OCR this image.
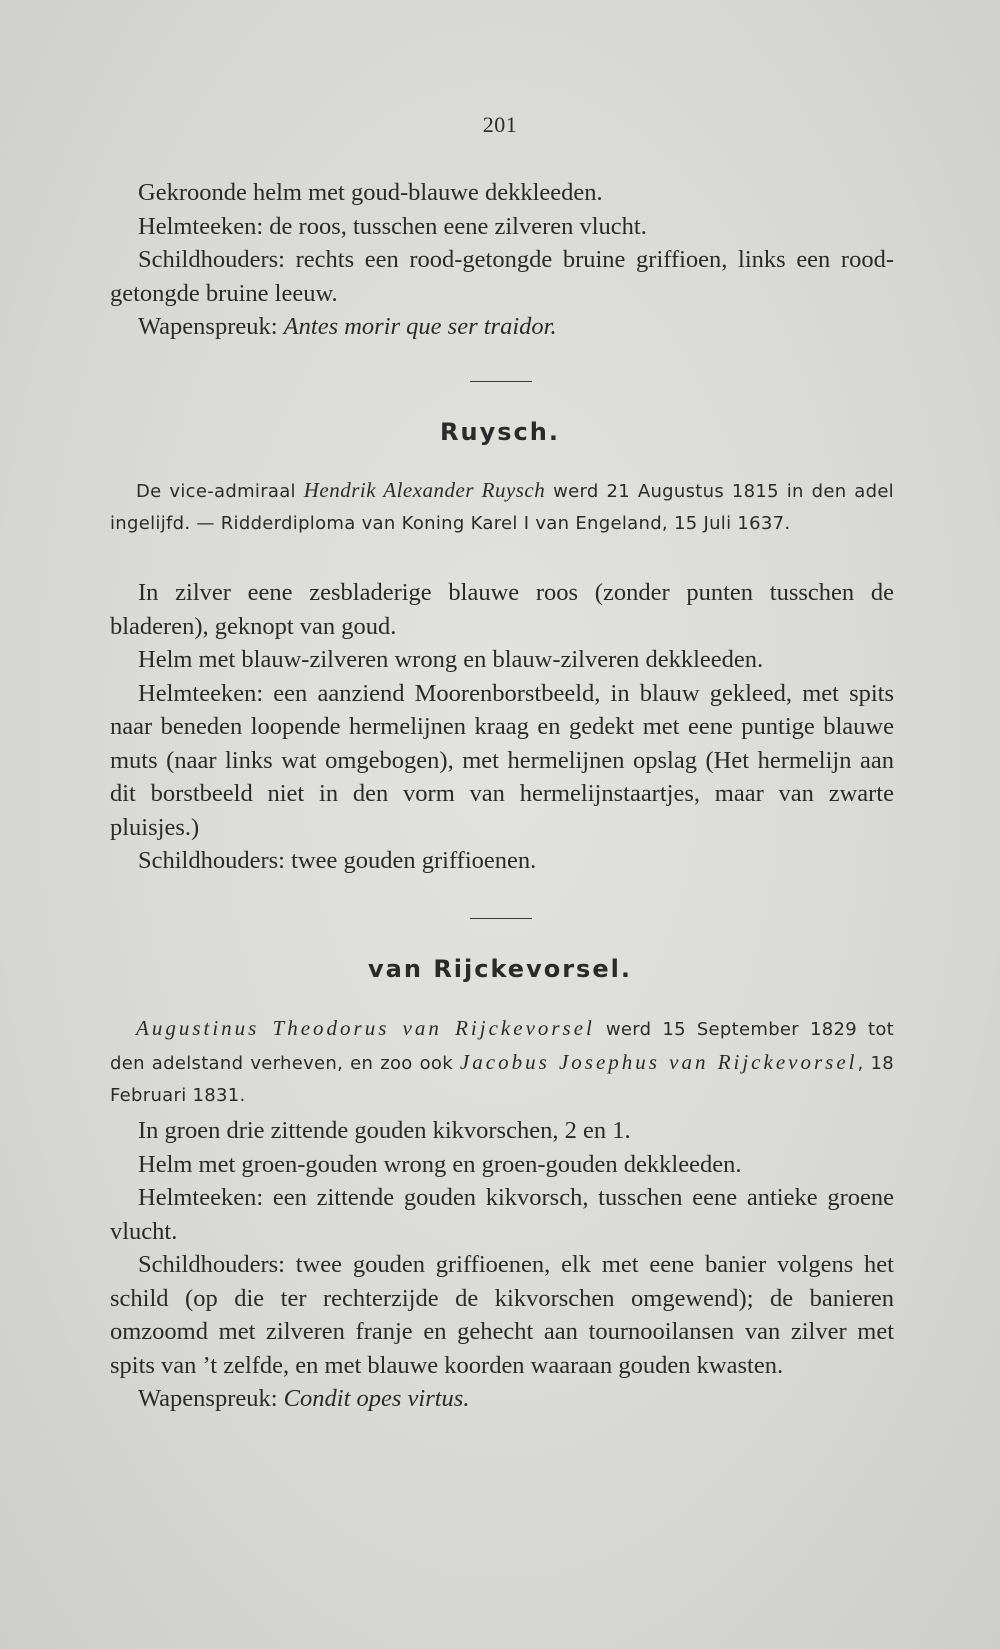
201

Gekroonde helm met goud-blauwe dekkleeden.

Helmteeken: de roos, tusschen eene zilveren vlucht.

Schildhouders: rechts een rood-getongde bruine griffioen, links een rood-getongde bruine leeuw.

Wapenspreuk: Antes morir que ser traidor.

Ruysch.

De vice-admiraal Hendrik Alexander Ruysch werd 21 Augustus 1815 in den adel ingelijfd. — Ridderdiploma van Koning Karel I van Engeland, 15 Juli 1637.

In zilver eene zesbladerige blauwe roos (zonder punten tusschen de bladeren), geknopt van goud.

Helm met blauw-zilveren wrong en blauw-zilveren dekkleeden.

Helmteeken: een aanziend Moorenborstbeeld, in blauw gekleed, met spits naar beneden loopende hermelijnen kraag en gedekt met eene puntige blauwe muts (naar links wat omgebogen), met hermelijnen opslag (Het hermelijn aan dit borstbeeld niet in den vorm van hermelijnstaartjes, maar van zwarte pluisjes.)

Schildhouders: twee gouden griffioenen.

van Rijckevorsel.

Augustinus Theodorus van Rijckevorsel werd 15 September 1829 tot den adelstand verheven, en zoo ook Jacobus Josephus van Rijckevorsel, 18 Februari 1831.

In groen drie zittende gouden kikvorschen, 2 en 1.

Helm met groen-gouden wrong en groen-gouden dekkleeden.

Helmteeken: een zittende gouden kikvorsch, tusschen eene antieke groene vlucht.

Schildhouders: twee gouden griffioenen, elk met eene banier volgens het schild (op die ter rechterzijde de kikvorschen omgewend); de banieren omzoomd met zilveren franje en gehecht aan tournooilansen van zilver met spits van ’t zelfde, en met blauwe koorden waaraan gouden kwasten.

Wapenspreuk: Condit opes virtus.
